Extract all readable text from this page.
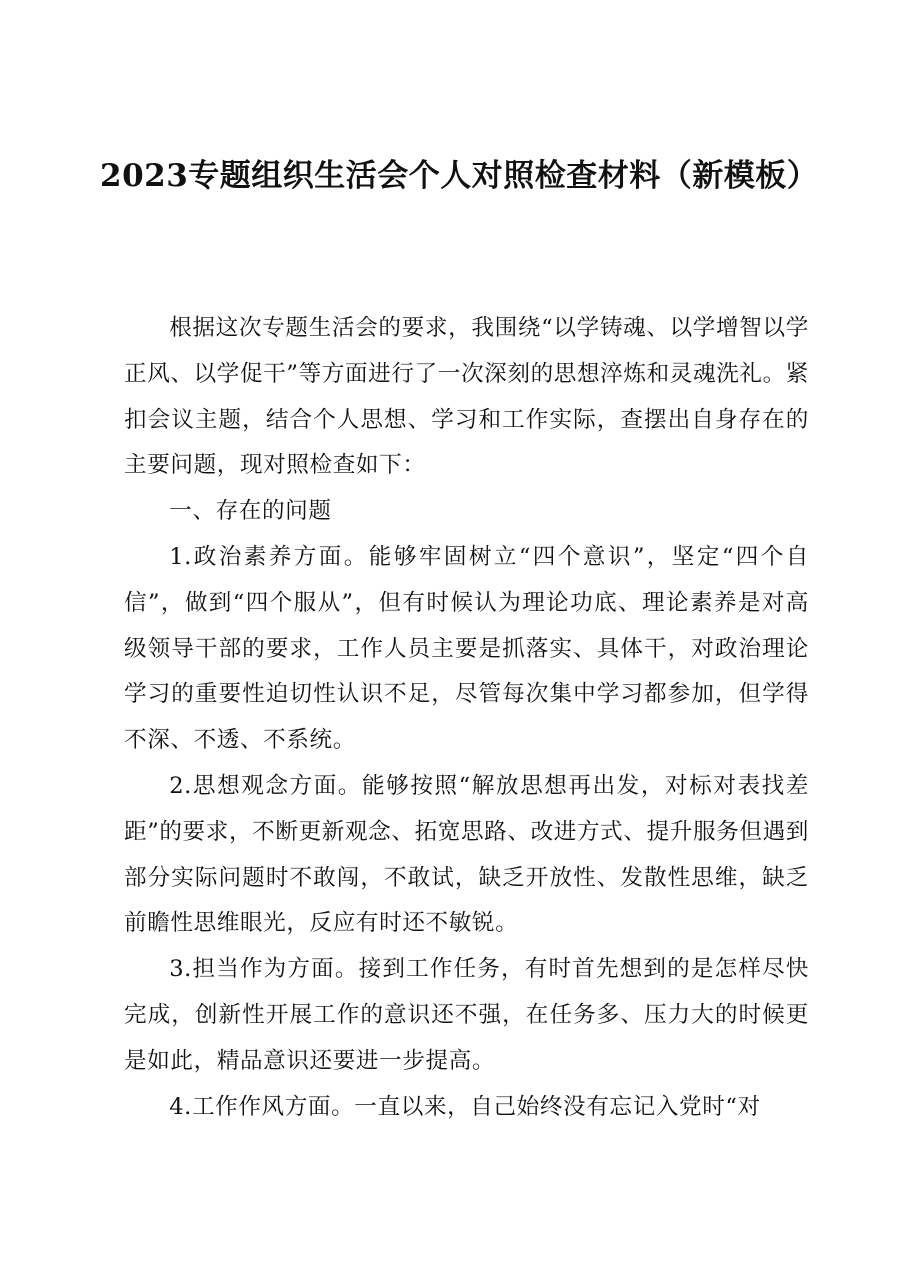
2023专题组织生活会个人对照检查材料（新模板）

根据这次专题生活会的要求，我围绕“以学铸魂、以学增智以学正风、以学促干”等方面进行了一次深刻的思想淬炼和灵魂洗礼。紧扣会议主题，结合个人思想、学习和工作实际，查摆出自身存在的主要问题，现对照检查如下：

一、存在的问题

1.政治素养方面。能够牢固树立“四个意识”，坚定“四个自信”，做到“四个服从”，但有时候认为理论功底、理论素养是对高级领导干部的要求，工作人员主要是抓落实、具体干，对政治理论学习的重要性迫切性认识不足，尽管每次集中学习都参加，但学得不深、不透、不系统。

2.思想观念方面。能够按照“解放思想再出发，对标对表找差距”的要求，不断更新观念、拓宽思路、改进方式、提升服务但遇到部分实际问题时不敢闯，不敢试，缺乏开放性、发散性思维，缺乏前瞻性思维眼光，反应有时还不敏锐。

3.担当作为方面。接到工作任务，有时首先想到的是怎样尽快完成，创新性开展工作的意识还不强，在任务多、压力大的时候更是如此，精品意识还要进一步提高。

4.工作作风方面。一直以来，自己始终没有忘记入党时“对
